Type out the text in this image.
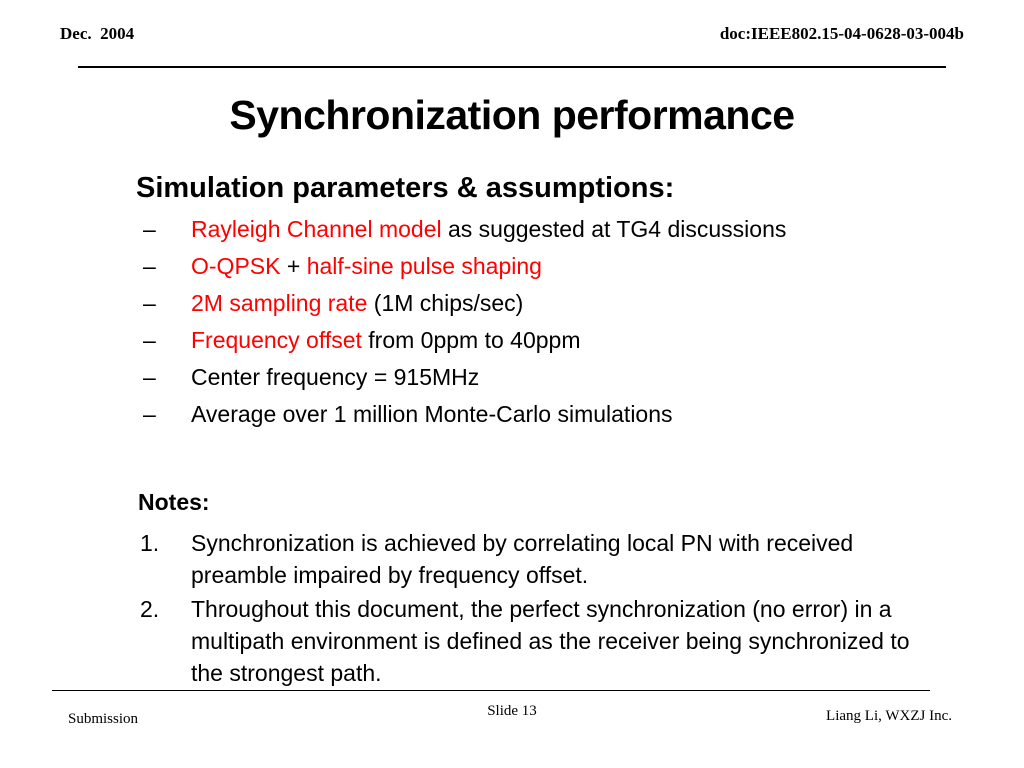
Dec.  2004	doc:IEEE802.15-04-0628-03-004b
Synchronization performance
Simulation parameters & assumptions:
– Rayleigh Channel model as suggested at TG4 discussions
– O-QPSK + half-sine pulse shaping
– 2M sampling rate (1M chips/sec)
– Frequency offset from 0ppm to 40ppm
– Center frequency = 915MHz
– Average over 1 million Monte-Carlo simulations
Notes:
1. Synchronization is achieved by correlating local PN with received preamble impaired by frequency offset.
2. Throughout this document, the perfect synchronization (no error) in a multipath environment is defined as the receiver being synchronized to the strongest path.
Submission	Slide 13	Liang Li, WXZJ Inc.
